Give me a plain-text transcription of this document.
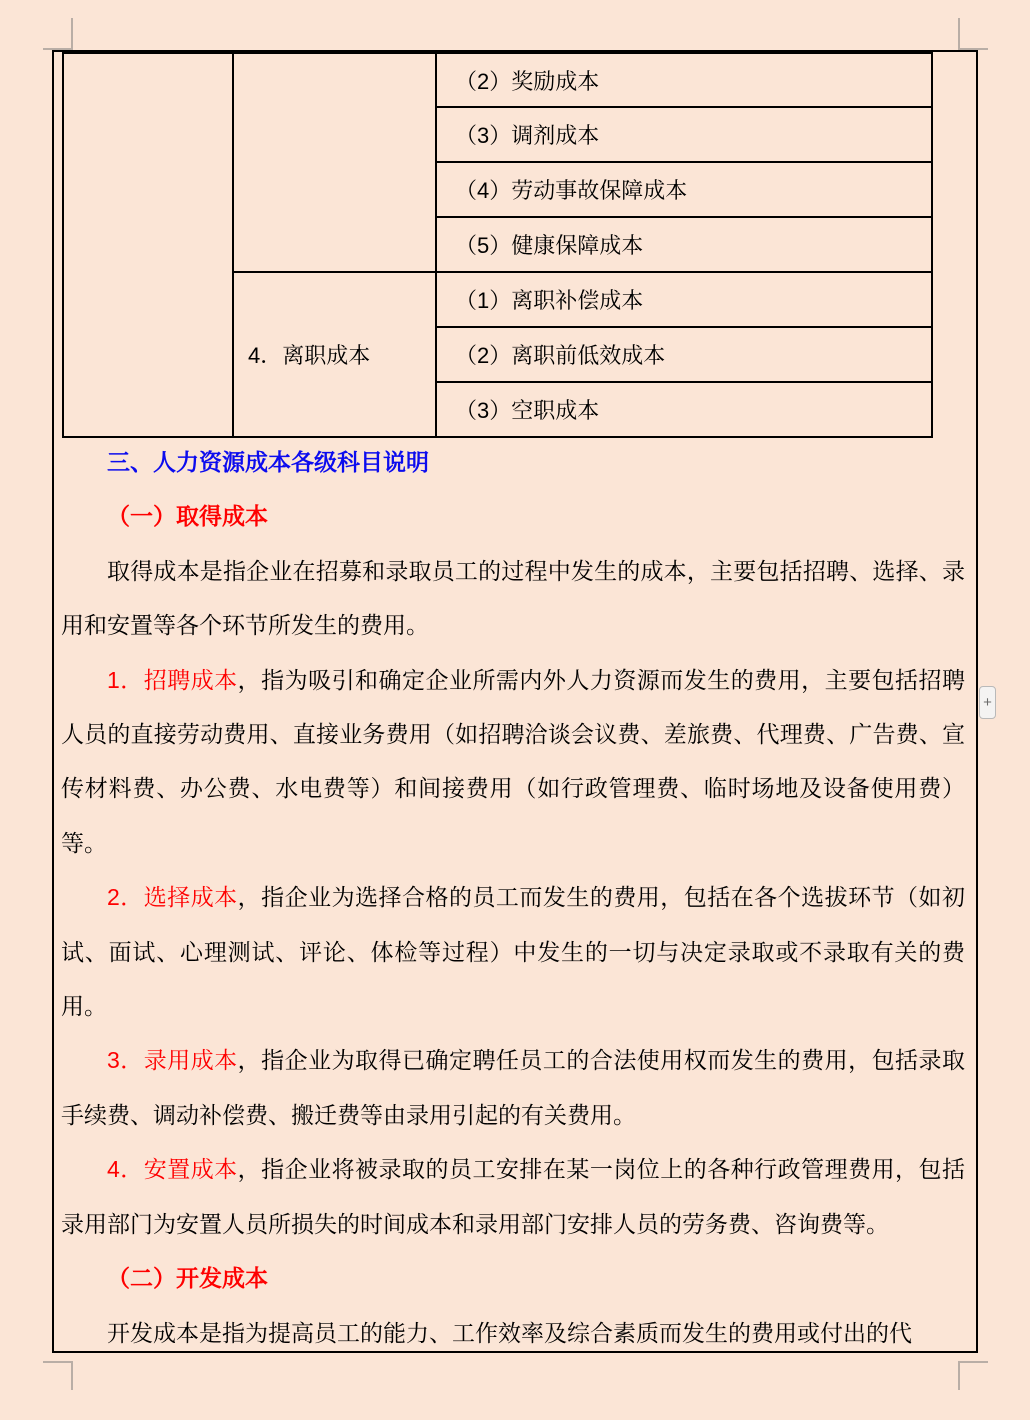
		（2）奖励成本
		（3）调剂成本
		（4）劳动事故保障成本
		（5）健康保障成本
	4．离职成本	（1）离职补偿成本
		（2）离职前低效成本
		（3）空职成本

三、人力资源成本各级科目说明

（一）取得成本

取得成本是指企业在招募和录取员工的过程中发生的成本，主要包括招聘、选择、录用和安置等各个环节所发生的费用。

1．招聘成本，指为吸引和确定企业所需内外人力资源而发生的费用，主要包括招聘人员的直接劳动费用、直接业务费用（如招聘洽谈会议费、差旅费、代理费、广告费、宣传材料费、办公费、水电费等）和间接费用（如行政管理费、临时场地及设备使用费）等。

2．选择成本，指企业为选择合格的员工而发生的费用，包括在各个选拔环节（如初试、面试、心理测试、评论、体检等过程）中发生的一切与决定录取或不录取有关的费用。

3．录用成本，指企业为取得已确定聘任员工的合法使用权而发生的费用，包括录取手续费、调动补偿费、搬迁费等由录用引起的有关费用。

4．安置成本，指企业将被录取的员工安排在某一岗位上的各种行政管理费用，包括录用部门为安置人员所损失的时间成本和录用部门安排人员的劳务费、咨询费等。

（二）开发成本

开发成本是指为提高员工的能力、工作效率及综合素质而发生的费用或付出的代

+
